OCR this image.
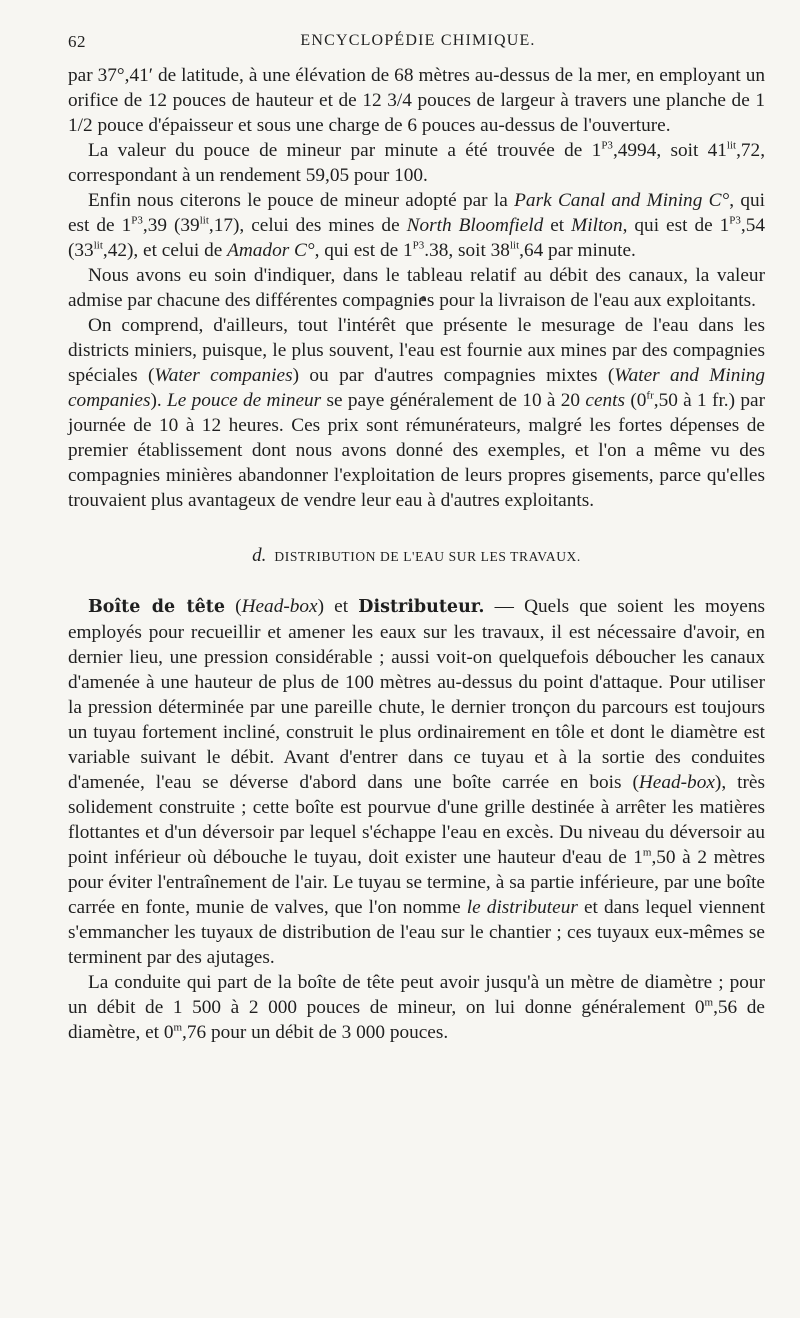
62	ENCYCLOPÉDIE CHIMIQUE.

par 37°,41′ de latitude, à une élévation de 68 mètres au-dessus de la mer, en employant un orifice de 12 pouces de hauteur et de 12 3/4 pouces de largeur à travers une planche de 1 1/2 pouce d'épaisseur et sous une charge de 6 pouces au-dessus de l'ouverture.

La valeur du pouce de mineur par minute a été trouvée de $1^{P3},4994$, soit $41^{lit},72$, correspondant à un rendement 59,05 pour 100.

Enfin nous citerons le pouce de mineur adopté par la Park Canal and Mining C°, qui est de $1^{P3},39$ $(39^{lit},17)$, celui des mines de North Bloomfield et Milton, qui est de $1^{P3},54$ $(33^{lit},42)$, et celui de Amador C°, qui est de $1^{P3}.38$, soit $38^{lit},64$ par minute.

Nous avons eu soin d'indiquer, dans le tableau relatif au débit des canaux, la valeur admise par chacune des différentes compagnies pour la livraison de l'eau aux exploitants.

On comprend, d'ailleurs, tout l'intérêt que présente le mesurage de l'eau dans les districts miniers, puisque, le plus souvent, l'eau est fournie aux mines par des compagnies spéciales (Water companies) ou par d'autres compagnies mixtes (Water and Mining companies). Le pouce de mineur se paye généralement de 10 à 20 cents ($0^{fr},50$ à 1 fr.) par journée de 10 à 12 heures. Ces prix sont rémunérateurs, malgré les fortes dépenses de premier établissement dont nous avons donné des exemples, et l'on a même vu des compagnies minières abandonner l'exploitation de leurs propres gisements, parce qu'elles trouvaient plus avantageux de vendre leur eau à d'autres exploitants.

d. DISTRIBUTION DE L'EAU SUR LES TRAVAUX.

Boîte de tête (Head-box) et Distributeur. — Quels que soient les moyens employés pour recueillir et amener les eaux sur les travaux, il est nécessaire d'avoir, en dernier lieu, une pression considérable ; aussi voit-on quelquefois déboucher les canaux d'amenée à une hauteur de plus de 100 mètres au-dessus du point d'attaque. Pour utiliser la pression déterminée par une pareille chute, le dernier tronçon du parcours est toujours un tuyau fortement incliné, construit le plus ordinairement en tôle et dont le diamètre est variable suivant le débit. Avant d'entrer dans ce tuyau et à la sortie des conduites d'amenée, l'eau se déverse d'abord dans une boîte carrée en bois (Head-box), très solidement construite ; cette boîte est pourvue d'une grille destinée à arrêter les matières flottantes et d'un déversoir par lequel s'échappe l'eau en excès. Du niveau du déversoir au point inférieur où débouche le tuyau, doit exister une hauteur d'eau de 1$^m$,50 à 2 mètres pour éviter l'entraînement de l'air. Le tuyau se termine, à sa partie inférieure, par une boîte carrée en fonte, munie de valves, que l'on nomme le distributeur et dans lequel viennent s'emmancher les tuyaux de distribution de l'eau sur le chantier ; ces tuyaux eux-mêmes se terminent par des ajutages.

La conduite qui part de la boîte de tête peut avoir jusqu'à un mètre de diamètre ; pour un débit de 1 500 à 2 000 pouces de mineur, on lui donne généralement 0$^m$,56 de diamètre, et 0$^m$,76 pour un débit de 3 000 pouces.
